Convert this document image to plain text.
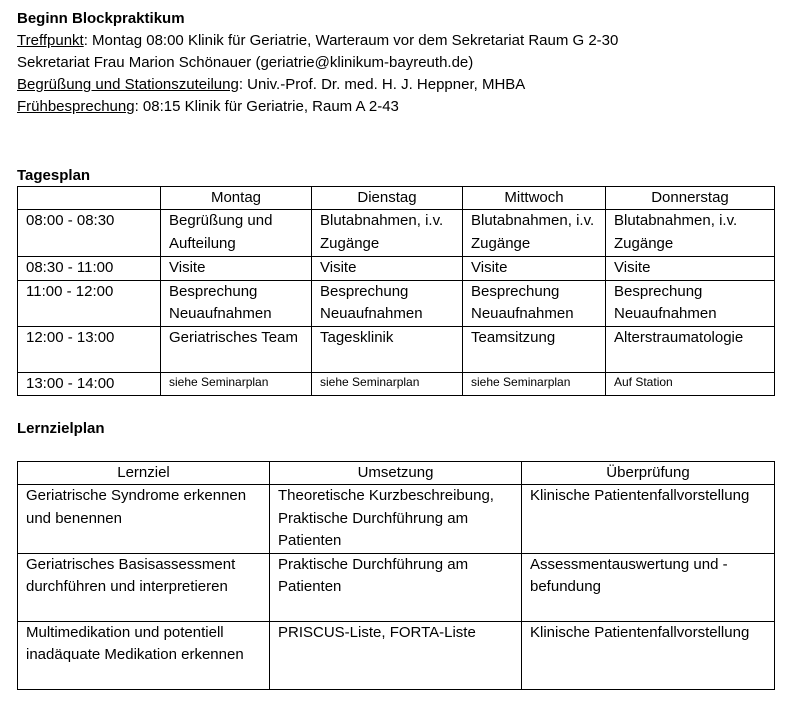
Beginn Blockpraktikum
Treffpunkt: Montag 08:00 Klinik für Geriatrie, Warteraum vor dem Sekretariat Raum G 2-30
Sekretariat Frau Marion Schönauer (geriatrie@klinikum-bayreuth.de)
Begrüßung und Stationszuteilung: Univ.-Prof. Dr. med. H. J. Heppner, MHBA
Frühbesprechung: 08:15 Klinik für Geriatrie, Raum A 2-43
Tagesplan
	Montag	Dienstag	Mittwoch	Donnerstag
08:00 - 08:30	Begrüßung und Aufteilung	Blutabnahmen, i.v. Zugänge	Blutabnahmen, i.v. Zugänge	Blutabnahmen, i.v. Zugänge
08:30 - 11:00	Visite	Visite	Visite	Visite
11:00 - 12:00	Besprechung Neuaufnahmen	Besprechung Neuaufnahmen	Besprechung Neuaufnahmen	Besprechung Neuaufnahmen
12:00 - 13:00	Geriatrisches Team	Tagesklinik	Teamsitzung	Alterstraumatologie
13:00 - 14:00	siehe Seminarplan	siehe Seminarplan	siehe Seminarplan	Auf Station
Lernzielplan
Lernziel	Umsetzung	Überprüfung
Geriatrische Syndrome erkennen und benennen	Theoretische Kurzbeschreibung, Praktische Durchführung am Patienten	Klinische Patientenfallvorstellung
Geriatrisches Basisassessment durchführen und interpretieren	Praktische Durchführung am Patienten	Assessmentauswertung und -befundung
Multimedikation und potentiell inadäquate Medikation erkennen	PRISCUS-Liste, FORTA-Liste	Klinische Patientenfallvorstellung
